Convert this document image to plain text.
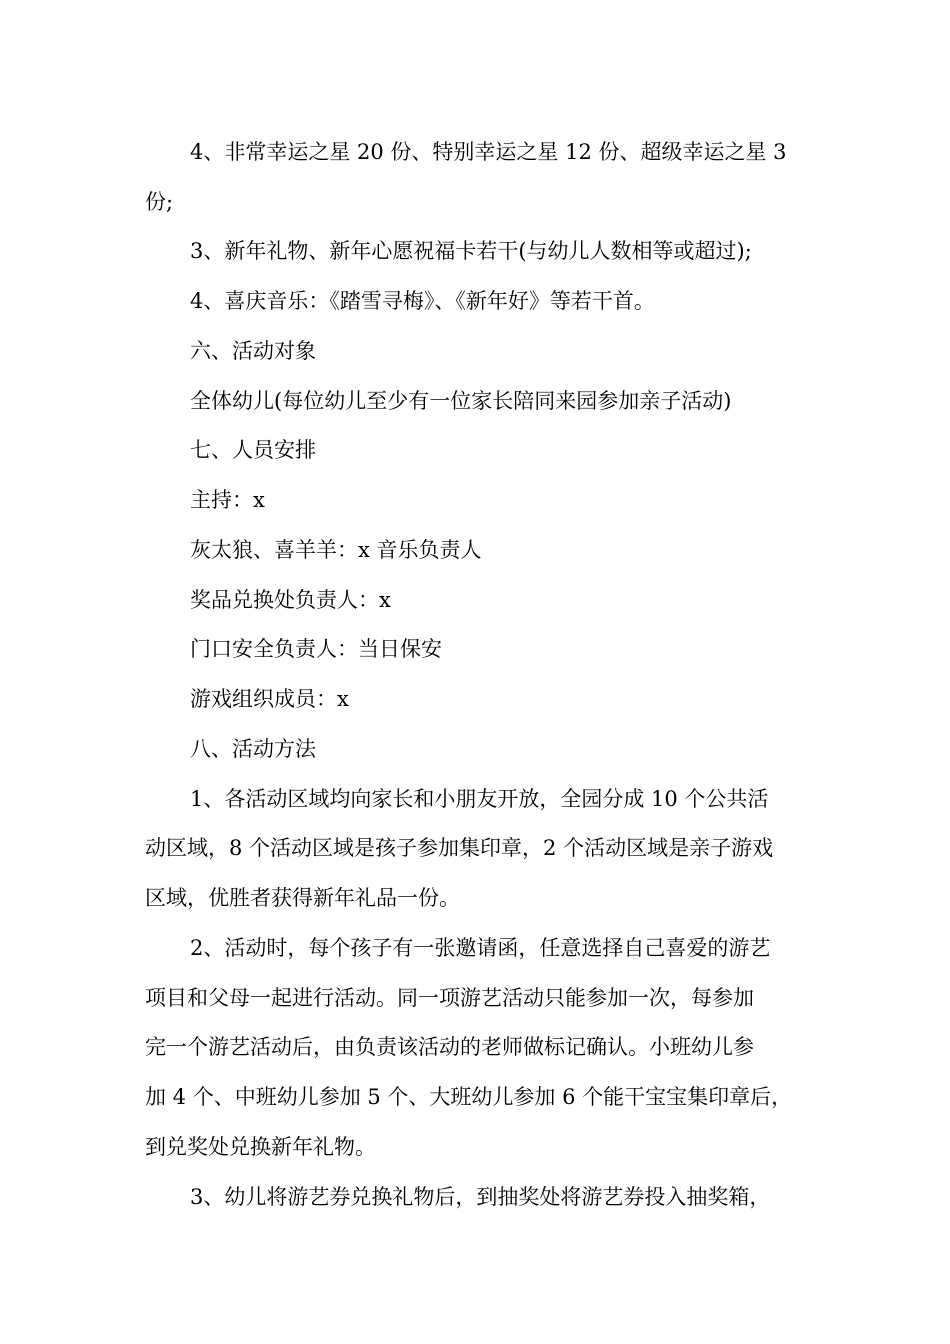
4、非常幸运之星 20 份、特别幸运之星 12 份、超级幸运之星 3
份;
3、新年礼物、新年心愿祝福卡若干(与幼儿人数相等或超过);
4、喜庆音乐：《踏雪寻梅》、《新年好》等若干首。
六、活动对象
全体幼儿(每位幼儿至少有一位家长陪同来园参加亲子活动)
七、人员安排
主持：x
灰太狼、喜羊羊：x 音乐负责人
奖品兑换处负责人：x
门口安全负责人：当日保安
游戏组织成员：x
八、活动方法
1、各活动区域均向家长和小朋友开放，全园分成 10 个公共活
动区域，8 个活动区域是孩子参加集印章，2 个活动区域是亲子游戏
区域，优胜者获得新年礼品一份。
2、活动时，每个孩子有一张邀请函，任意选择自己喜爱的游艺
项目和父母一起进行活动。同一项游艺活动只能参加一次，每参加
完一个游艺活动后，由负责该活动的老师做标记确认。小班幼儿参
加 4 个、中班幼儿参加 5 个、大班幼儿参加 6 个能干宝宝集印章后，
到兑奖处兑换新年礼物。
3、幼儿将游艺券兑换礼物后，到抽奖处将游艺券投入抽奖箱，
